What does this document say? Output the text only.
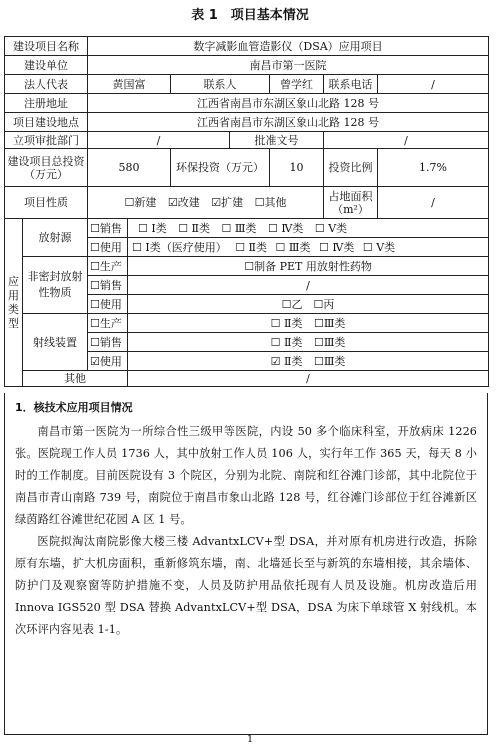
表 1　项目基本情况
建设项目名称		数字减影血管造影仪（DSA）应用项目						
建设单位		南昌市第一医院						
法人代表		黄国富		联系人		曾学红	联系电话	/
注册地址		江西省南昌市东湖区象山北路 128 号						
项目建设地点		江西省南昌市东湖区象山北路 128 号						
立项审批部门		/			批准文号		/	
建设项目总投资（万元）		580		环保投资（万元）		10	投资比例	1.7%
项目性质		☐新建 ☑改建 ☑扩建 ☐其他					占地面积（m²）	/
应用类型	放射源	☐销售	☐ Ⅰ类 ☐ Ⅱ类 ☐ Ⅲ类 ☐ Ⅳ类 ☐ Ⅴ类					
		☐使用	☐ Ⅰ类（医疗使用） ☐ Ⅱ类 ☐ Ⅲ类 ☐ Ⅳ类 ☐ Ⅴ类					
	非密封放射性物质	☐生产	☐制备 PET 用放射性药物					
		☐销售	/					
		☐使用	☐乙　☐丙					
	射线装置	☐生产	☐ Ⅱ类 ☐Ⅲ类					
		☐销售	☐ Ⅱ类 ☐Ⅲ类					
		☑使用	☑ Ⅱ类 ☐Ⅲ类					
	其他		/					
1．核技术应用项目情况

南昌市第一医院为一所综合性三级甲等医院，内设 50 多个临床科室，开放病床 1226 张。医院现工作人员 1736 人，其中放射工作人员 106 人，实行年工作 365 天，每天 8 小时的工作制度。目前医院设有 3 个院区，分别为北院、南院和红谷滩门诊部，其中北院位于南昌市青山南路 739 号，南院位于南昌市象山北路 128 号，红谷滩门诊部位于红谷滩新区绿茵路红谷滩世纪花园 A 区 1 号。

医院拟淘汰南院影像大楼三楼 AdvantxLCV+型 DSA，并对原有机房进行改造，拆除原有东墙，扩大机房面积，重新修筑东墙，南、北墙延长至与新筑的东墙相接，其余墙体、防护门及观察窗等防护措施不变，人员及防护用品依托现有人员及设施。机房改造后用 Innova IGS520 型 DSA 替换 AdvantxLCV+型 DSA，DSA 为床下单球管 X 射线机。本次环评内容见表 1-1。

1
